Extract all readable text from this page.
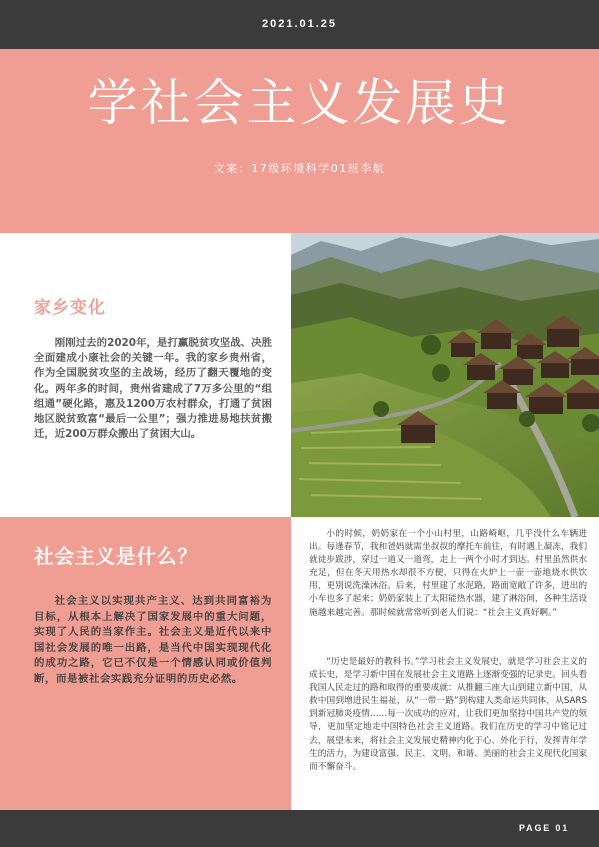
2021.01.25
学社会主义发展史
文案：17级环境科学01班李航
家乡变化
刚刚过去的2020年，是打赢脱贫攻坚战、决胜全面建成小康社会的关键一年。我的家乡贵州省，作为全国脱贫攻坚的主战场，经历了翻天覆地的变化。两年多的时间，贵州省建成了7万多公里的“组组通”硬化路，惠及1200万农村群众，打通了贫困地区脱贫致富“最后一公里”；强力推进易地扶贫搬迁，近200万群众搬出了贫困大山。
社会主义是什么？
社会主义以实现共产主义、达到共同富裕为目标，从根本上解决了国家发展中的重大问题，实现了人民的当家作主。社会主义是近代以来中国社会发展的唯一出路，是当代中国实现现代化的成功之路，它已不仅是一个情感认同或价值判断，而是被社会实践充分证明的历史必然。

小的时候，奶奶家在一个小山村里，山路崎岖，几乎没什么车辆进出。每逢春节，我和爸妈就需坐叔叔的摩托车前往，有时遇上凝冻，我们就徒步跋涉，穿过一道又一道弯，走上一两个小时才到达。村里虽然供水充足，但在冬天用热水却很不方便，只得在火炉上一壶一壶地烧水供饮用，更别说洗澡沐浴。后来，村里建了水泥路，路面宽敞了许多，进出的小车也多了起来；奶奶家装上了太阳能热水器，建了淋浴间，各种生活设施越来越完善。那时候就常常听到老人们说：“社会主义真好啊。”

“历史是最好的教科书。”学习社会主义发展史，就是学习社会主义的成长史，是学习新中国在发展社会主义道路上逐渐变强的记录史。回头看我国人民走过的路和取得的重要成就：从推翻三座大山到建立新中国，从救中国到增进民生福祉，从“一带一路”到构建人类命运共同体，从SARS到新冠肺炎疫情……每一次成功的应对，让我们更加坚持中国共产党的领导，更加坚定地走中国特色社会主义道路。我们在历史的学习中铭记过去，展望未来，将社会主义发展史精神内化于心、外化于行，发挥青年学生的活力，为建设富强、民主、文明、和谐、美丽的社会主义现代化国家而不懈奋斗。

PAGE 01
